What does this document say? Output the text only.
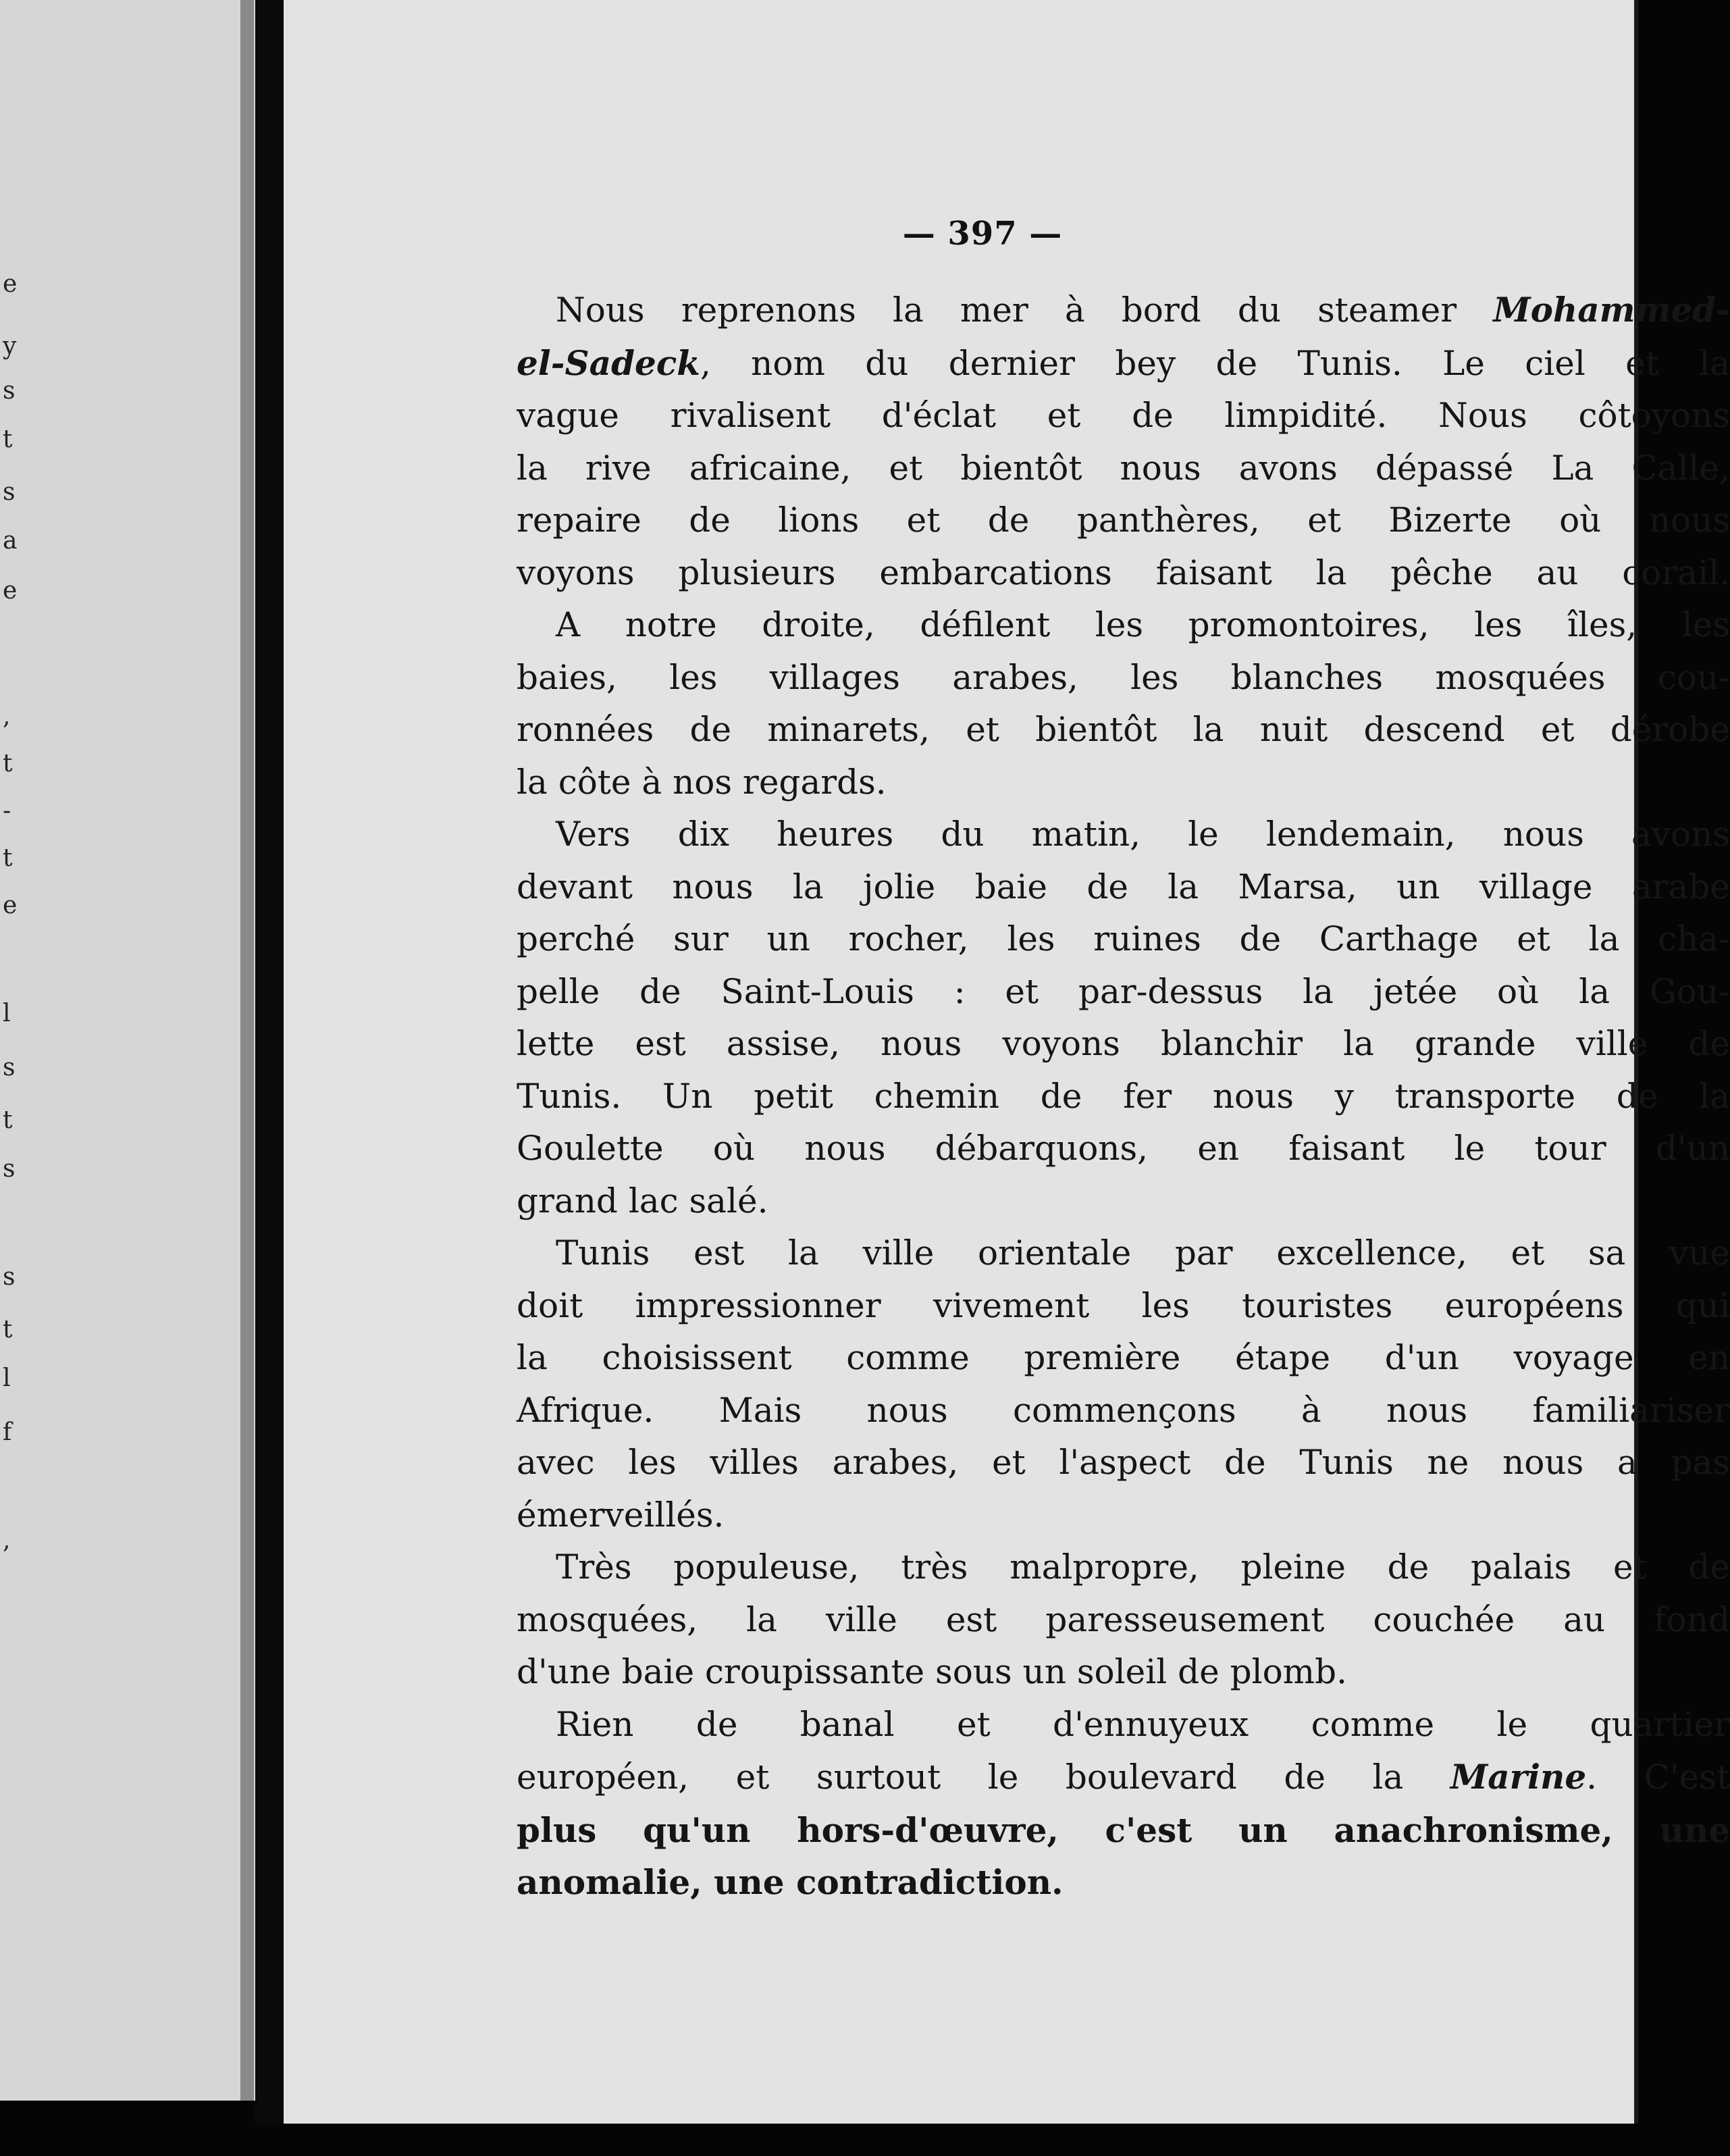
e
y
s
t
s
a
e
,
t
-
t
e
l
s
t
s
s
t
l
f
,
— 397 —

Nous reprenons la mer à bord du steamer Mohammed-
el-Sadeck, nom du dernier bey de Tunis. Le ciel et la
vague rivalisent d'éclat et de limpidité. Nous côtoyons
la rive africaine, et bientôt nous avons dépassé La Calle,
repaire de lions et de panthères, et Bizerte où nous
voyons plusieurs embarcations faisant la pêche au corail.

A notre droite, défilent les promontoires, les îles, les
baies, les villages arabes, les blanches mosquées cou-
ronnées de minarets, et bientôt la nuit descend et dérobe
la côte à nos regards.

Vers dix heures du matin, le lendemain, nous avons
devant nous la jolie baie de la Marsa, un village arabe
perché sur un rocher, les ruines de Carthage et la cha-
pelle de Saint-Louis : et par-dessus la jetée où la Gou-
lette est assise, nous voyons blanchir la grande ville de
Tunis. Un petit chemin de fer nous y transporte de la
Goulette où nous débarquons, en faisant le tour d'un
grand lac salé.

Tunis est la ville orientale par excellence, et sa vue
doit impressionner vivement les touristes européens qui
la choisissent comme première étape d'un voyage en
Afrique. Mais nous commençons à nous familiariser
avec les villes arabes, et l'aspect de Tunis ne nous a pas
émerveillés.

Très populeuse, très malpropre, pleine de palais et de
mosquées, la ville est paresseusement couchée au fond
d'une baie croupissante sous un soleil de plomb.

Rien de banal et d'ennuyeux comme le quartier
européen, et surtout le boulevard de la Marine. C'est
plus qu'un hors-d'œuvre, c'est un anachronisme, une
anomalie, une contradiction.
